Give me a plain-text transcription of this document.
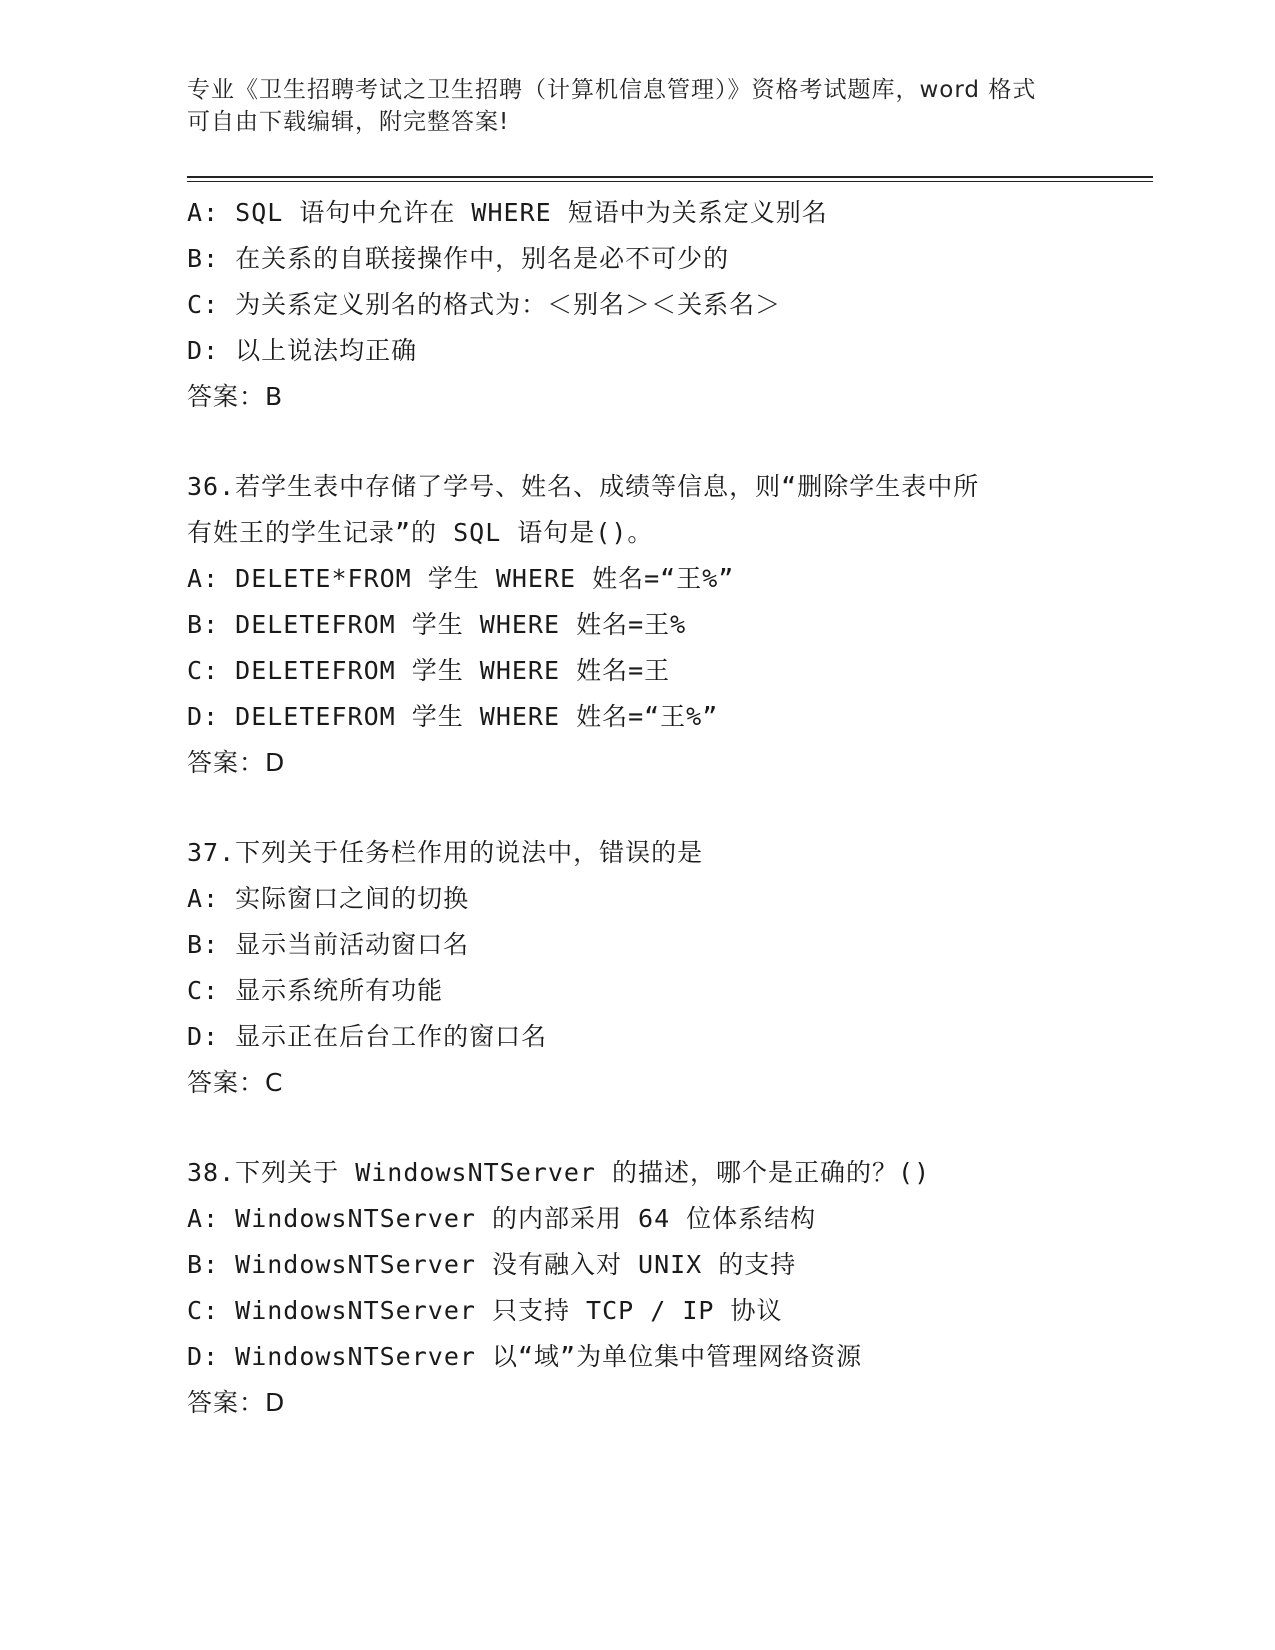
专业《卫生招聘考试之卫生招聘（计算机信息管理）》资格考试题库，word 格式
可自由下载编辑，附完整答案!
A: SQL 语句中允许在 WHERE 短语中为关系定义别名
B: 在关系的自联接操作中，别名是必不可少的
C: 为关系定义别名的格式为：＜别名＞＜关系名＞
D: 以上说法均正确
答案：B
36.若学生表中存储了学号、姓名、成绩等信息，则“删除学生表中所
有姓王的学生记录”的 SQL 语句是()。
A: DELETE*FROM 学生 WHERE 姓名=“王%”
B: DELETEFROM 学生 WHERE 姓名=王%
C: DELETEFROM 学生 WHERE 姓名=王
D: DELETEFROM 学生 WHERE 姓名=“王%”
答案：D
37.下列关于任务栏作用的说法中，错误的是
A: 实际窗口之间的切换
B: 显示当前活动窗口名
C: 显示系统所有功能
D: 显示正在后台工作的窗口名
答案：C
38.下列关于 WindowsNTServer 的描述，哪个是正确的？()
A: WindowsNTServer 的内部采用 64 位体系结构
B: WindowsNTServer 没有融入对 UNIX 的支持
C: WindowsNTServer 只支持 TCP / IP 协议
D: WindowsNTServer 以“域”为单位集中管理网络资源
答案：D
